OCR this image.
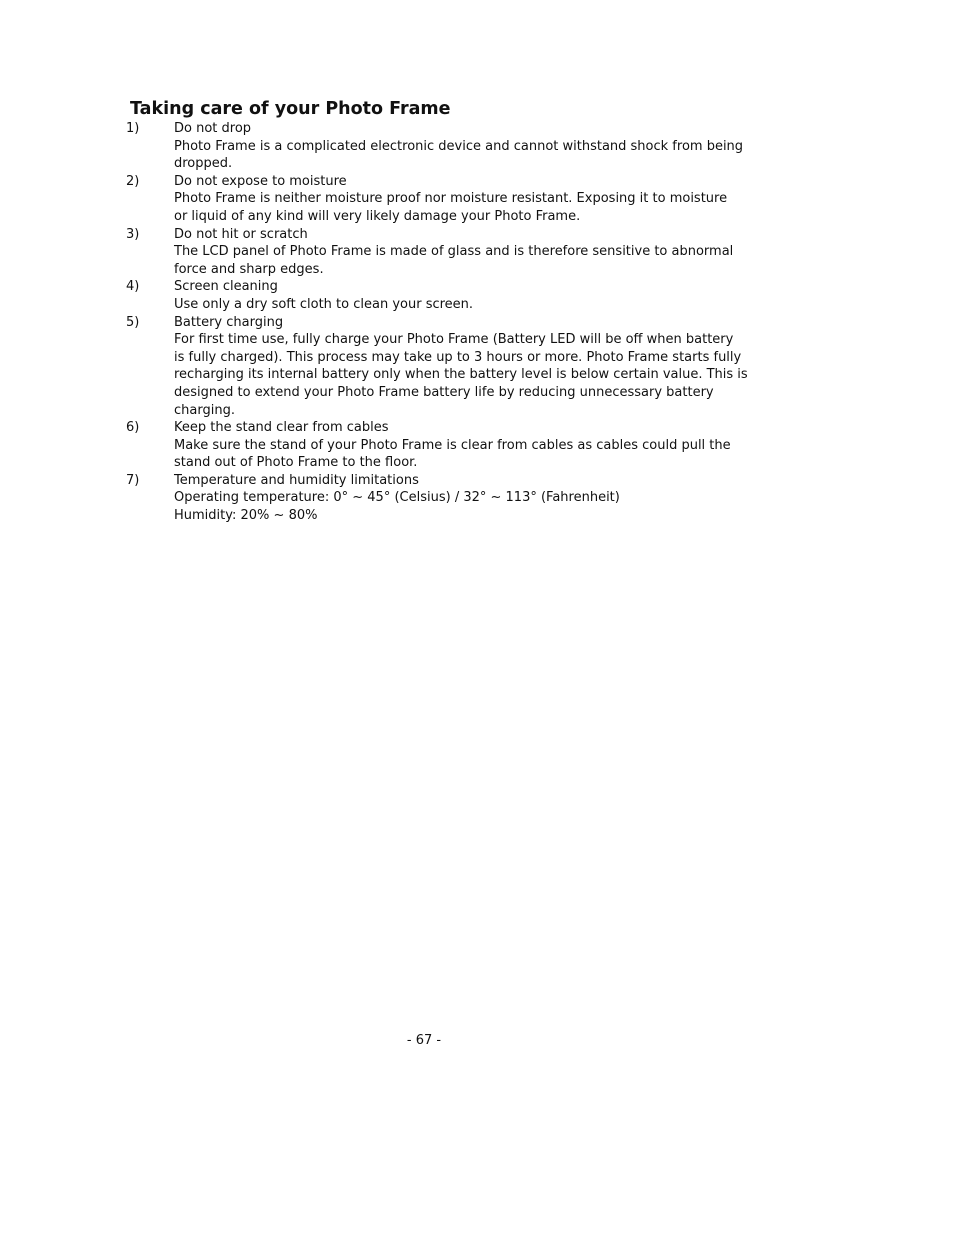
Taking care of your Photo Frame
1)	Do not drop
Photo Frame is a complicated electronic device and cannot withstand shock from being
dropped.
2)	Do not expose to moisture
Photo Frame is neither moisture proof nor moisture resistant. Exposing it to moisture
or liquid of any kind will very likely damage your Photo Frame.
3)	Do not hit or scratch
The LCD panel of Photo Frame is made of glass and is therefore sensitive to abnormal
force and sharp edges.
4)	Screen cleaning
Use only a dry soft cloth to clean your screen.
5)	Battery charging
For first time use, fully charge your Photo Frame (Battery LED will be off when battery
is fully charged). This process may take up to 3 hours or more. Photo Frame starts fully
recharging its internal battery only when the battery level is below certain value. This is
designed to extend your Photo Frame battery life by reducing unnecessary battery
charging.
6)	Keep the stand clear from cables
Make sure the stand of your Photo Frame is clear from cables as cables could pull the
stand out of Photo Frame to the floor.
7)	Temperature and humidity limitations
Operating temperature: 0° ~ 45° (Celsius) / 32° ~ 113° (Fahrenheit)
Humidity: 20% ~ 80%
- 67 -
